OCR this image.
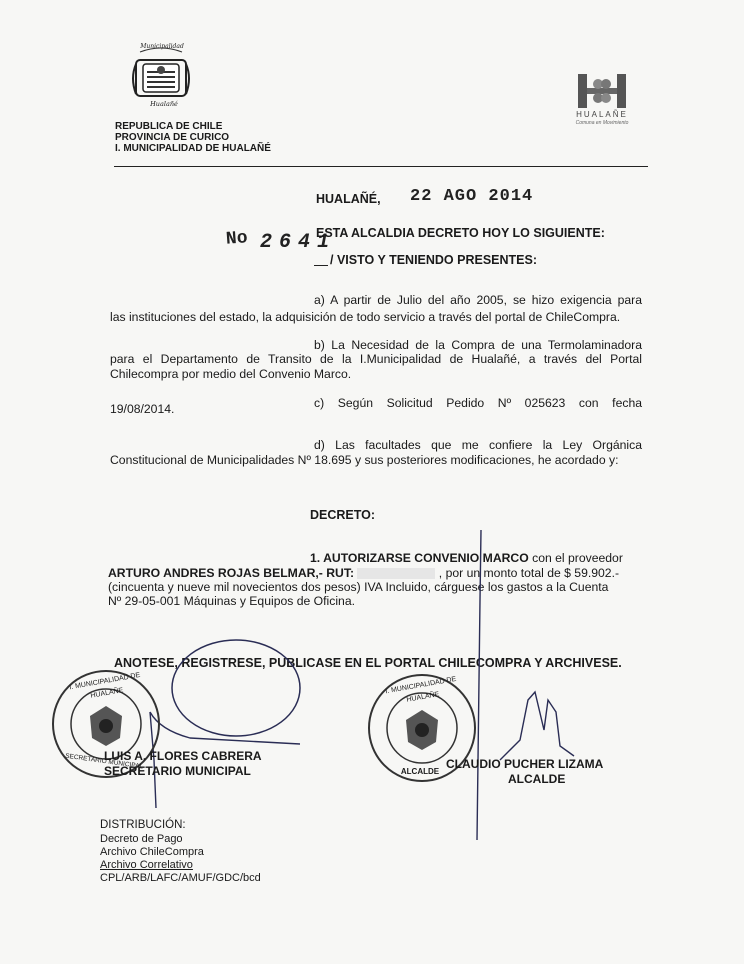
Municipalidad
Hualañé
REPUBLICA DE CHILE
PROVINCIA DE CURICO
I. MUNICIPALIDAD DE HUALAÑÉ
HUALAÑE
Comuna en Movimiento
HUALAÑÉ, 22 AGO 2014
No 2641
ESTA ALCALDIA DECRETO HOY LO SIGUIENTE:
/ VISTO Y TENIENDO PRESENTES:
a) A partir de Julio del año 2005, se hizo exigencia para
las instituciones del estado, la adquisición de todo servicio a través del portal de ChileCompra.
b) La Necesidad de la Compra de una Termolaminadora
para el Departamento de Transito de la I.Municipalidad de Hualañé, a través del Portal
Chilecompra por medio del Convenio Marco.
c) Según Solicitud Pedido Nº 025623 con fecha
19/08/2014.
d) Las facultades que me confiere la Ley Orgánica
Constitucional de Municipalidades Nº 18.695 y sus posteriores modificaciones, he acordado y:
DECRETO:
1. AUTORIZARSE CONVENIO MARCO con el proveedor
ARTURO ANDRES ROJAS BELMAR,- RUT:	, por un monto total de $ 59.902.-
(cincuenta y nueve mil novecientos dos pesos) IVA Incluido, cárguese los gastos a la Cuenta
Nº 29-05-001 Máquinas y Equipos de Oficina.
ANOTESE, REGISTRESE, PUBLICASE EN EL PORTAL CHILECOMPRA Y ARCHIVESE.
I. MUNICIPALIDAD DE HUALAÑE
SECRETARIO MUNICIPAL
LUIS A. FLORES CABRERA
SECRETARIO MUNICIPAL
I. MUNICIPALIDAD DE HUALAÑE
ALCALDE
CLAUDIO PUCHER LIZAMA
ALCALDE
DISTRIBUCIÓN:
Decreto de Pago
Archivo ChileCompra
Archivo Correlativo
CPL/ARB/LAFC/AMUF/GDC/bcd
